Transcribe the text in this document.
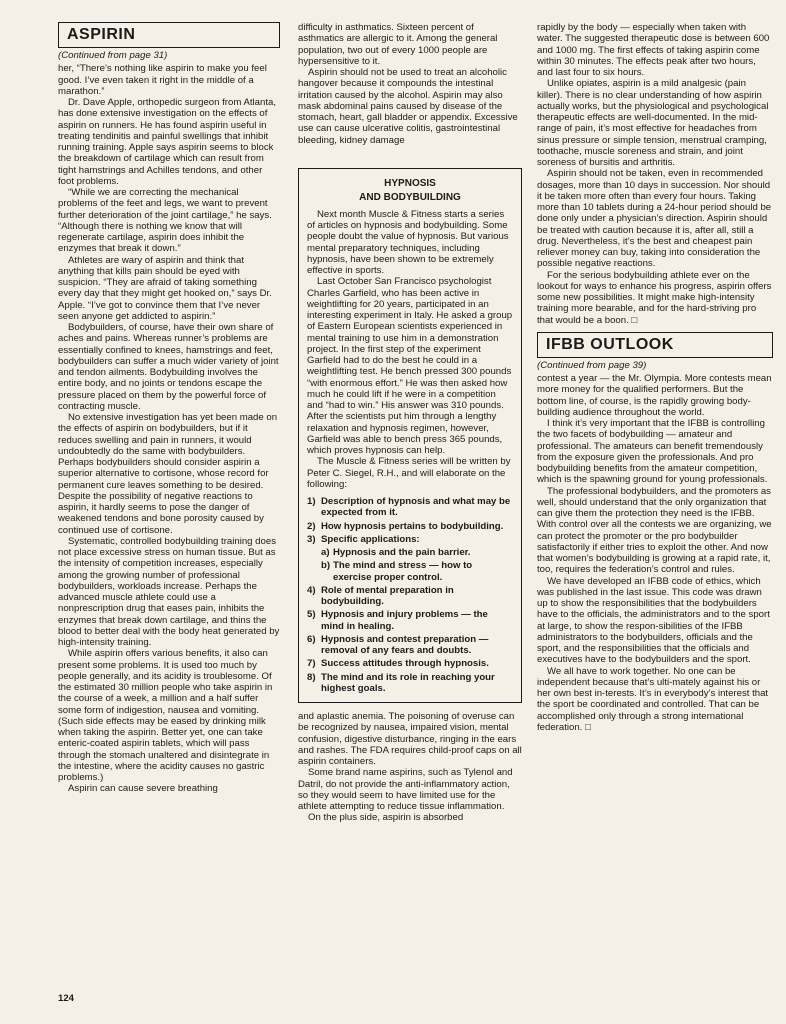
ASPIRIN
(Continued from page 31)

her, “There’s nothing like aspirin to make you feel good. I’ve even taken it right in the middle of a marathon.”

Dr. Dave Apple, orthopedic surgeon from Atlanta, has done extensive investigation on the effects of aspirin on runners. He has found aspirin useful in treating tendinitis and painful swellings that inhibit running training. Apple says aspirin seems to block the breakdown of cartilage which can result from tight hamstrings and Achilles tendons, and other foot problems.

“While we are correcting the mechanical problems of the feet and legs, we want to prevent further deterioration of the joint cartilage,” he says. “Although there is nothing we know that will regenerate cartilage, aspirin does inhibit the enzymes that break it down.”

Athletes are wary of aspirin and think that anything that kills pain should be eyed with suspicion. “They are afraid of taking something every day that they might get hooked on,” says Dr. Apple. “I’ve got to convince them that I’ve never seen anyone get addicted to aspirin.”

Bodybuilders, of course, have their own share of aches and pains. Whereas runner’s problems are essentially confined to knees, hamstrings and feet, bodybuilders can suffer a much wider variety of joint and tendon ailments. Bodybuilding involves the entire body, and no joints or tendons escape the pressure placed on them by the powerful force of contracting muscle.

No extensive investigation has yet been made on the effects of aspirin on bodybuilders, but if it reduces swelling and pain in runners, it would undoubtedly do the same with bodybuilders. Perhaps bodybuilders should consider aspirin a superior alternative to cortisone, whose record for permanent cure leaves something to be desired. Despite the possibility of negative reactions to aspirin, it hardly seems to pose the danger of weakened tendons and bone porosity caused by continued use of cortisone.

Systematic, controlled bodybuilding training does not place excessive stress on human tissue. But as the intensity of competition increases, especially among the growing number of professional bodybuilders, workloads increase. Perhaps the advanced muscle athlete could use a nonprescription drug that eases pain, inhibits the enzymes that break down cartilage, and thins the blood to better deal with the body heat generated by high-intensity training.

While aspirin offers various benefits, it also can present some problems. It is used too much by people generally, and its acidity is troublesome. Of the estimated 30 million people who take aspirin in the course of a week, a million and a half suffer some form of indigestion, nausea and vomiting. (Such side effects may be eased by drinking milk when taking the aspirin. Better yet, one can take enteric-coated aspirin tablets, which will pass through the stomach unaltered and disintegrate in the intestine, where the acidity causes no gastric problems.)

Aspirin can cause severe breathing

difficulty in asthmatics. Sixteen percent of asthmatics are allergic to it. Among the general population, two out of every 1000 people are hypersensitive to it.

Aspirin should not be used to treat an alcoholic hangover because it compounds the intestinal irritation caused by the alcohol. Aspirin may also mask abdominal pains caused by disease of the stomach, heart, gall bladder or appendix. Excessive use can cause ulcerative colitis, gastrointestinal bleeding, kidney damage

HYPNOSIS
AND BODYBUILDING

Next month Muscle & Fitness starts a series of articles on hypnosis and bodybuilding. Some people doubt the value of hypnosis. But various mental preparatory techniques, including hypnosis, have been shown to be extremely effective in sports.

Last October San Francisco psychologist Charles Garfield, who has been active in weightlifting for 20 years, participated in an interesting experiment in Italy. He asked a group of Eastern European scientists experienced in mental training to use him in a demonstration project. In the first step of the experiment Garfield had to do the best he could in a weightlifting test. He bench pressed 300 pounds “with enormous effort.” He was then asked how much he could lift if he were in a competition and “had to win.” His answer was 310 pounds. After the scientists put him through a lengthy relaxation and hypnosis regimen, however, Garfield was able to bench press 365 pounds, which proves hypnosis can help.

The Muscle & Fitness series will be written by Peter C. Siegel, R.H., and will elaborate on the following:

1) Description of hypnosis and what may be expected from it.
2) How hypnosis pertains to bodybuilding.
3) Specific applications:
a) Hypnosis and the pain barrier.
b) The mind and stress — how to exercise proper control.
4) Role of mental preparation in bodybuilding.
5) Hypnosis and injury problems — the mind in healing.
6) Hypnosis and contest preparation — removal of any fears and doubts.
7) Success attitudes through hypnosis.
8) The mind and its role in reaching your highest goals.

and aplastic anemia. The poisoning of overuse can be recognized by nausea, impaired vision, mental confusion, digestive disturbance, ringing in the ears and rashes. The FDA requires child-proof caps on all aspirin containers.

Some brand name aspirins, such as Tylenol and Datril, do not provide the anti-inflammatory action, so they would seem to have limited use for the athlete attempting to reduce tissue inflammation.

On the plus side, aspirin is absorbed

rapidly by the body — especially when taken with water. The suggested therapeutic dose is between 600 and 1000 mg. The first effects of taking aspirin come within 30 minutes. The effects peak after two hours, and last four to six hours.

Unlike opiates, aspirin is a mild analgesic (pain killer). There is no clear understanding of how aspirin actually works, but the physiological and psychological therapeutic effects are well-documented. In the mid-range of pain, it’s most effective for headaches from sinus pressure or simple tension, menstrual cramping, toothache, muscle soreness and strain, and joint soreness of bursitis and arthritis.

Aspirin should not be taken, even in recommended dosages, more than 10 days in succession. Nor should it be taken more often than every four hours. Taking more than 10 tablets during a 24-hour period should be done only under a physician’s direction. Aspirin should be treated with caution because it is, after all, still a drug. Nevertheless, it’s the best and cheapest pain reliever money can buy, taking into consideration the possible negative reactions.

For the serious bodybuilding athlete ever on the lookout for ways to enhance his progress, aspirin offers some new possibilities. It might make high-intensity training more bearable, and for the hard-striving pro that would be a boon. □

IFBB OUTLOOK
(Continued from page 39)

contest a year — the Mr. Olympia. More contests mean more money for the qualified performers. But the bottom line, of course, is the rapidly growing body-building audience throughout the world.

I think it’s very important that the IFBB is controlling the two facets of bodybuilding — amateur and professional. The amateurs can benefit tremendously from the exposure given the professionals. And pro bodybuilding benefits from the amateur competition, which is the spawning ground for young professionals.

The professional bodybuilders, and the promoters as well, should understand that the only organization that can give them the protection they need is the IFBB. With control over all the contests we are organizing, we can protect the promoter or the pro bodybuilder satisfactorily if either tries to exploit the other. And now that women’s bodybuilding is growing at a rapid rate, it, too, requires the federation’s control and rules.

We have developed an IFBB code of ethics, which was published in the last issue. This code was drawn up to show the responsibilities that the bodybuilders have to the officials, the administrators and to the sport at large, to show the respon-sibilities of the IFBB administrators to the bodybuilders, officials and the sport, and the responsibilities that the officials and executives have to the bodybuilders and the sport.

We all have to work together. No one can be independent because that’s ulti-mately against his or her own best in-terests. It’s in everybody’s interest that the sport be coordinated and controlled. That can be accomplished only through a strong international federation. □

124
